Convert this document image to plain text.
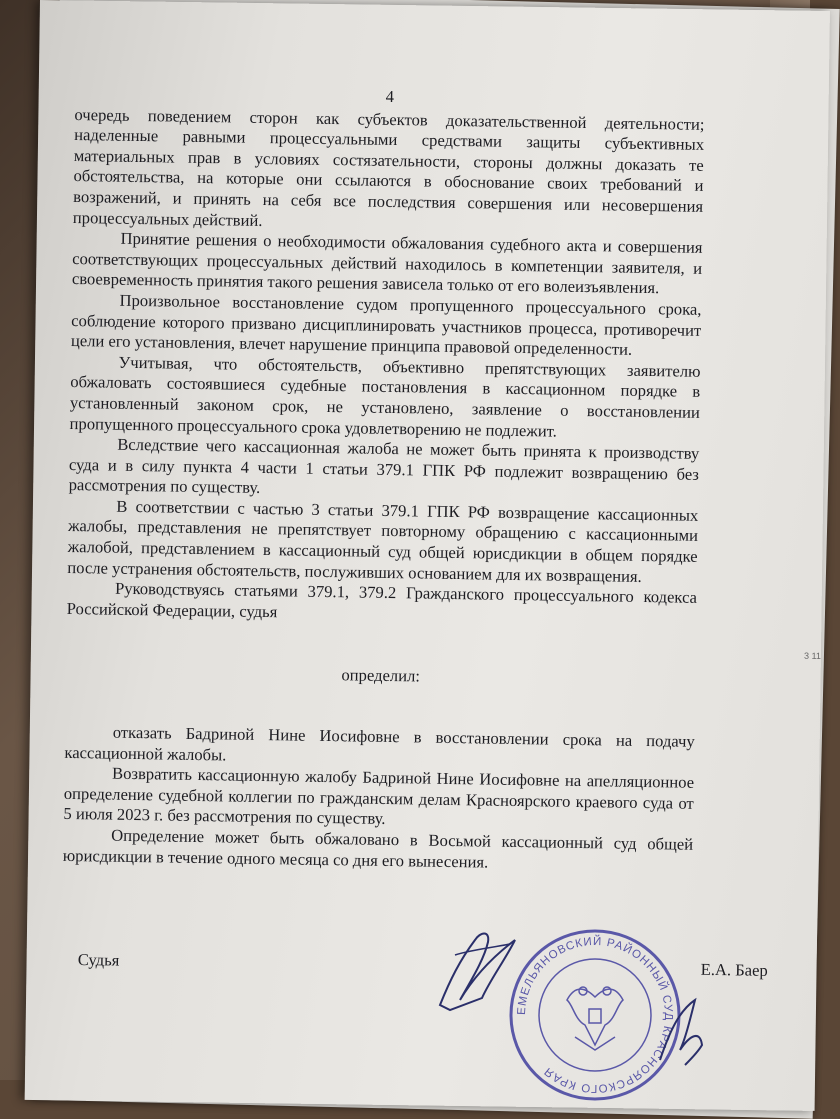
3 11
4

очередь поведением сторон как субъектов доказательственной деятельности; наделенные равными процессуальными средствами защиты субъективных материальных прав в условиях состязательности, стороны должны доказать те обстоятельства, на которые они ссылаются в обоснование своих требований и возражений, и принять на себя все последствия совершения или несовершения процессуальных действий.

Принятие решения о необходимости обжалования судебного акта и совершения соответствующих процессуальных действий находилось в компетенции заявителя, и своевременность принятия такого решения зависела только от его волеизъявления.

Произвольное восстановление судом пропущенного процессуального срока, соблюдение которого призвано дисциплинировать участников процесса, противоречит цели его установления, влечет нарушение принципа правовой определенности.

Учитывая, что обстоятельств, объективно препятствующих заявителю обжаловать состоявшиеся судебные постановления в кассационном порядке в установленный законом срок, не установлено, заявление о восстановлении пропущенного процессуального срока удовлетворению не подлежит.

Вследствие чего кассационная жалоба не может быть принята к производству суда и в силу пункта 4 части 1 статьи 379.1 ГПК РФ подлежит возвращению без рассмотрения по существу.

В соответствии с частью 3 статьи 379.1 ГПК РФ возвращение кассационных жалобы, представления не препятствует повторному обращению с кассационными жалобой, представлением в кассационный суд общей юрисдикции в общем порядке после устранения обстоятельств, послуживших основанием для их возвращения.

Руководствуясь статьями 379.1, 379.2 Гражданского процессуального кодекса Российской Федерации, судья

определил:

отказать Бадриной Нине Иосифовне в восстановлении срока на подачу кассационной жалобы.

Возвратить кассационную жалобу Бадриной Нине Иосифовне на апелляционное определение судебной коллегии по гражданским делам Красноярского краевого суда от 5 июля 2023 г. без рассмотрения по существу.

Определение может быть обжаловано в Восьмой кассационный суд общей юрисдикции в течение одного месяца со дня его вынесения.

Судья	Е.А. Баер
ЕМЕЛЬЯНОВСКИЙ РАЙОННЫЙ СУД КРАСНОЯРСКОГО КРАЯ
